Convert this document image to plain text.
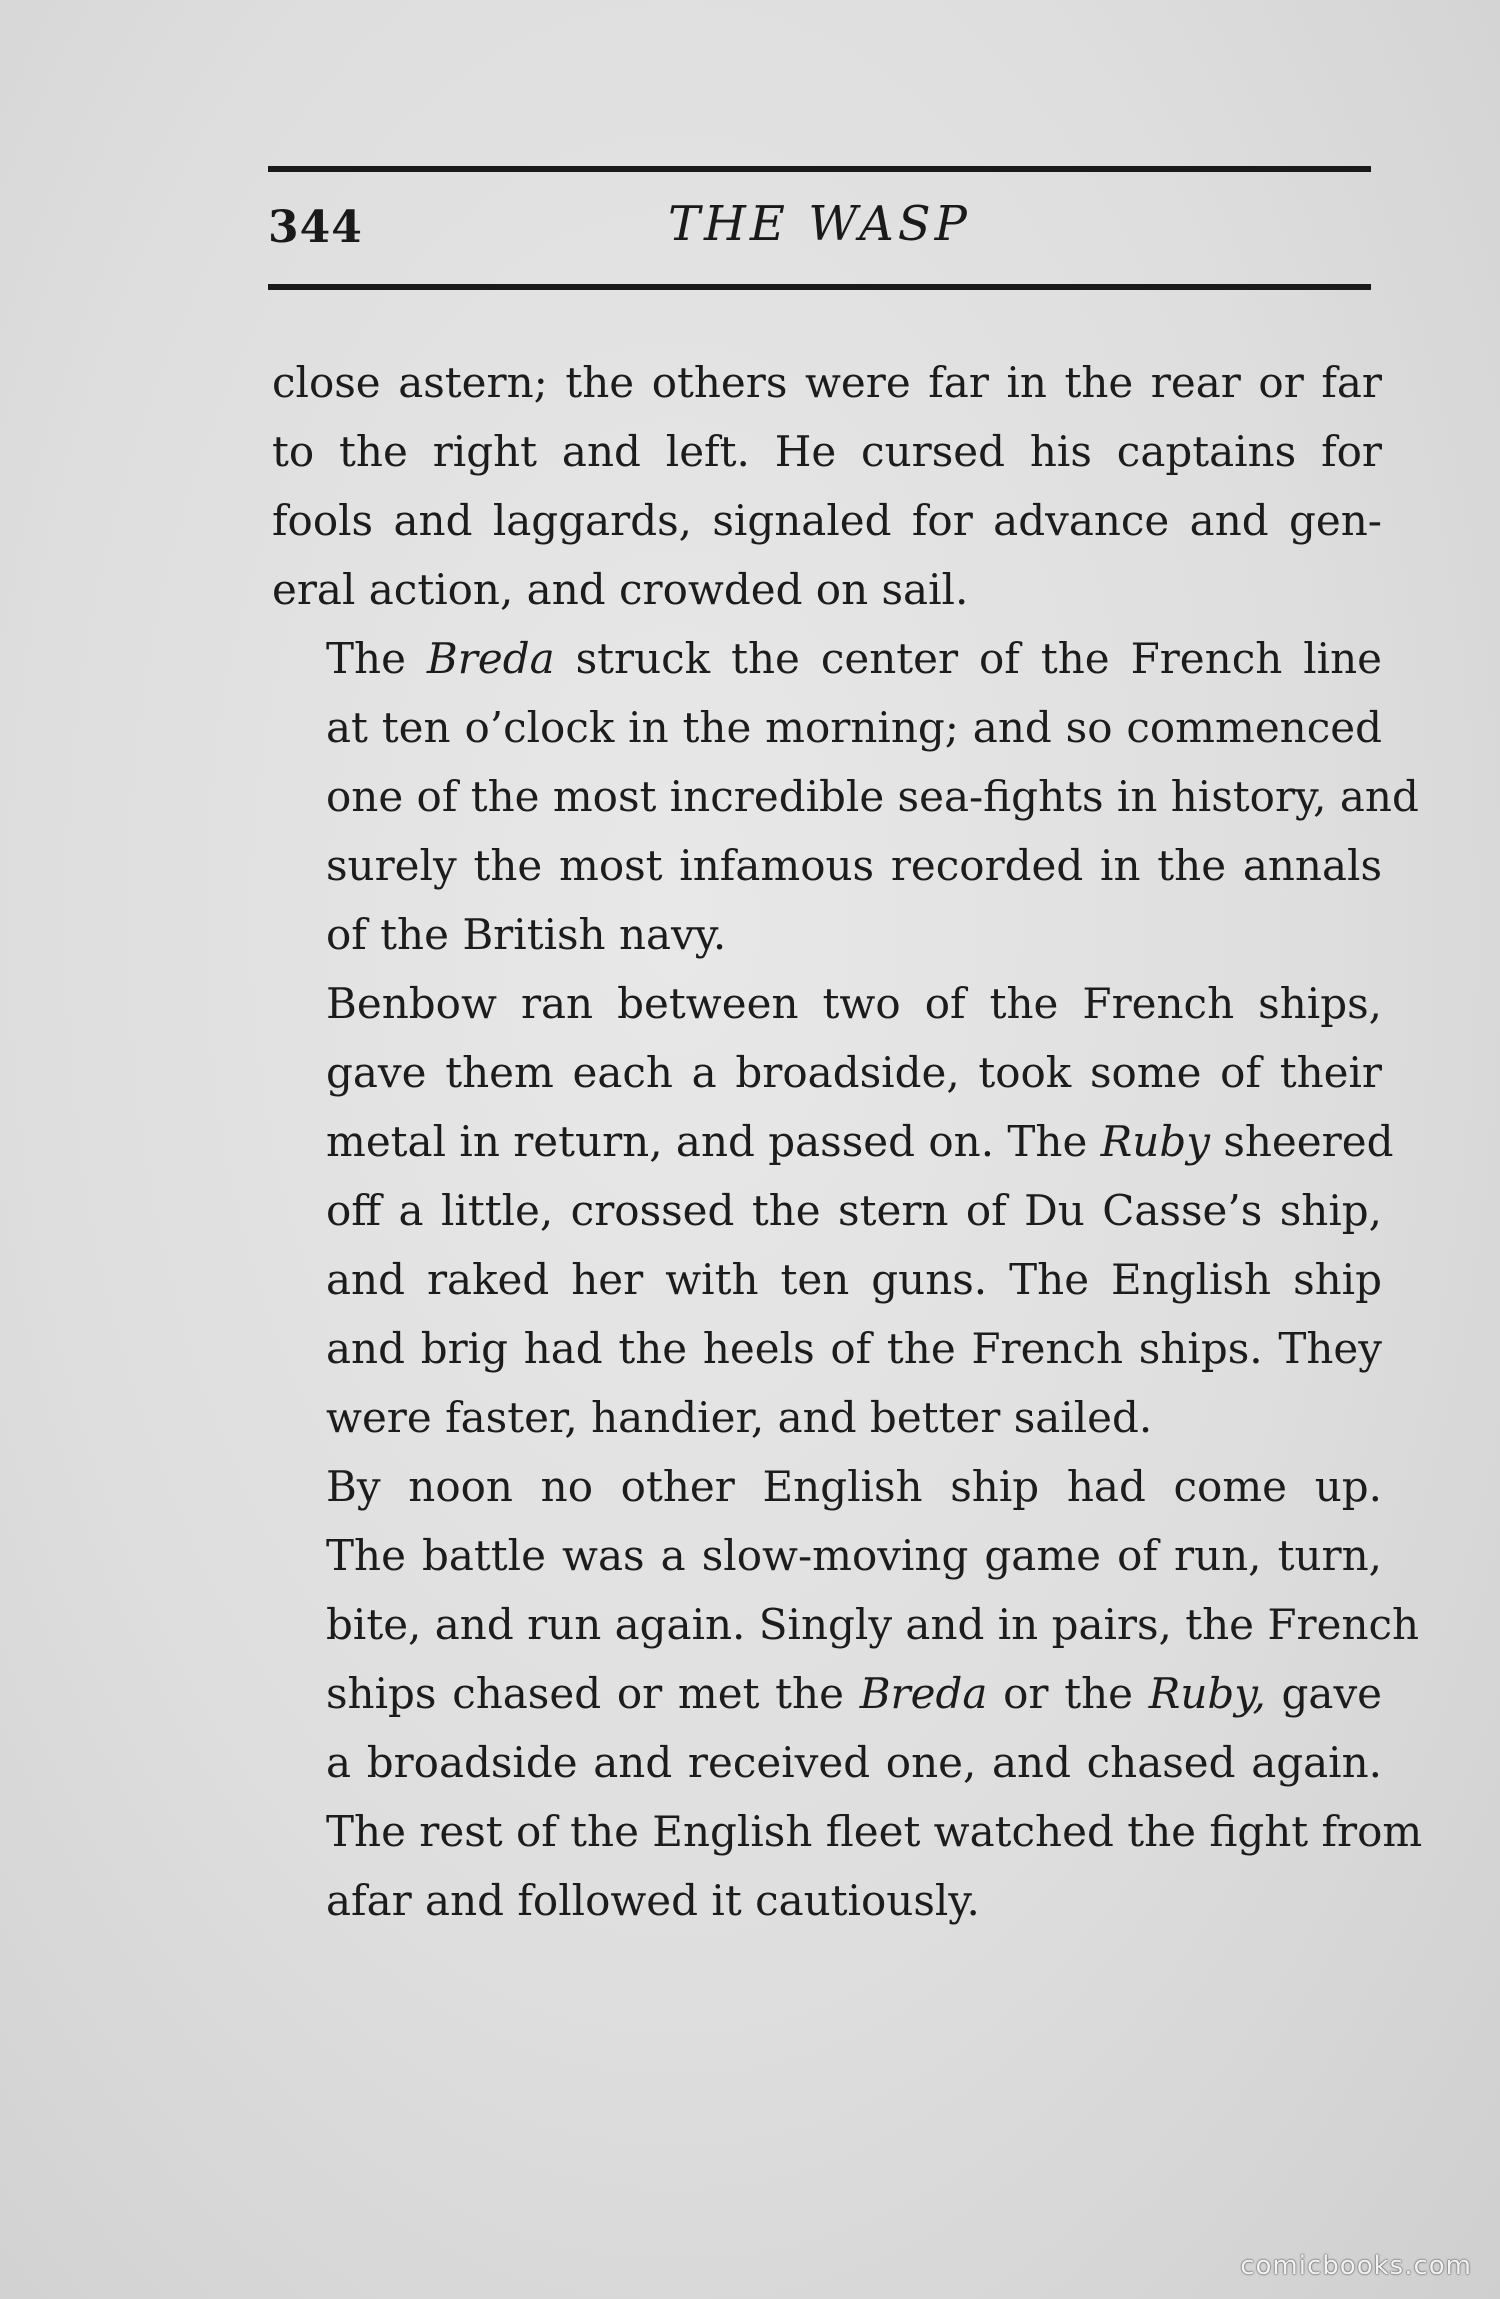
344	THE WASP

close astern; the others were far in the rear or far
to the right and left. He cursed his captains for
fools and laggards, signaled for advance and gen-
eral action, and crowded on sail.

The Breda struck the center of the French line
at ten o’clock in the morning; and so commenced
one of the most incredible sea-fights in history, and
surely the most infamous recorded in the annals
of the British navy.

Benbow ran between two of the French ships,
gave them each a broadside, took some of their
metal in return, and passed on. The Ruby sheered
off a little, crossed the stern of Du Casse’s ship,
and raked her with ten guns. The English ship
and brig had the heels of the French ships. They
were faster, handier, and better sailed.

By noon no other English ship had come up.
The battle was a slow-moving game of run, turn,
bite, and run again. Singly and in pairs, the French
ships chased or met the Breda or the Ruby, gave
a broadside and received one, and chased again.
The rest of the English fleet watched the fight from
afar and followed it cautiously.

comicbooks.com
